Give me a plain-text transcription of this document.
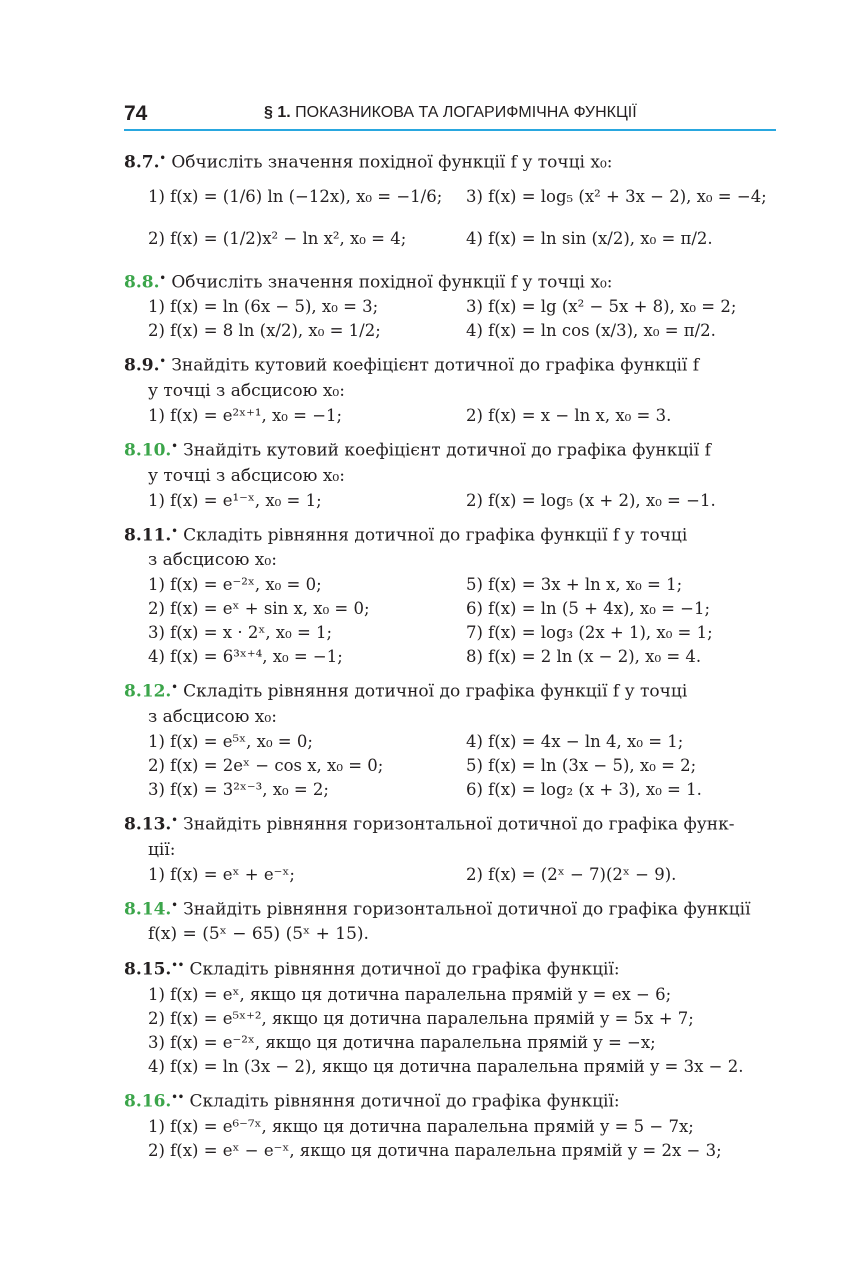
74	§ 1. ПОКАЗНИКОВА ТА ЛОГАРИФМІЧНА ФУНКЦІЇ
8.7.• Обчисліть значення похідної функції f у точці x₀:
1) f(x) = (1/6) ln (−12x), x₀ = −1/6;	3) f(x) = log₅ (x² + 3x − 2), x₀ = −4;
2) f(x) = (1/2)x² − ln x², x₀ = 4;	4) f(x) = ln sin (x/2), x₀ = π/2.
8.8.• Обчисліть значення похідної функції f у точці x₀:
1) f(x) = ln (6x − 5), x₀ = 3;	3) f(x) = lg (x² − 5x + 8), x₀ = 2;
2) f(x) = 8 ln (x/2), x₀ = 1/2;	4) f(x) = ln cos (x/3), x₀ = π/2.
8.9.• Знайдіть кутовий коефіцієнт дотичної до графіка функції f
у точці з абсцисою x₀:
1) f(x) = e²ˣ⁺¹, x₀ = −1;	2) f(x) = x − ln x, x₀ = 3.
8.10.• Знайдіть кутовий коефіцієнт дотичної до графіка функції f
у точці з абсцисою x₀:
1) f(x) = e¹⁻ˣ, x₀ = 1;	2) f(x) = log₅ (x + 2), x₀ = −1.
8.11.• Складіть рівняння дотичної до графіка функції f у точці
з абсцисою x₀:
1) f(x) = e⁻²ˣ, x₀ = 0;	5) f(x) = 3x + ln x, x₀ = 1;
2) f(x) = eˣ + sin x, x₀ = 0;	6) f(x) = ln (5 + 4x), x₀ = −1;
3) f(x) = x · 2ˣ, x₀ = 1;	7) f(x) = log₃ (2x + 1), x₀ = 1;
4) f(x) = 6³ˣ⁺⁴, x₀ = −1;	8) f(x) = 2 ln (x − 2), x₀ = 4.
8.12.• Складіть рівняння дотичної до графіка функції f у точці
з абсцисою x₀:
1) f(x) = e⁵ˣ, x₀ = 0;	4) f(x) = 4x − ln 4, x₀ = 1;
2) f(x) = 2eˣ − cos x, x₀ = 0;	5) f(x) = ln (3x − 5), x₀ = 2;
3) f(x) = 3²ˣ⁻³, x₀ = 2;	6) f(x) = log₂ (x + 3), x₀ = 1.
8.13.• Знайдіть рівняння горизонтальної дотичної до графіка функ-
ції:
1) f(x) = eˣ + e⁻ˣ;	2) f(x) = (2ˣ − 7)(2ˣ − 9).
8.14.• Знайдіть рівняння горизонтальної дотичної до графіка функції
f(x) = (5ˣ − 65) (5ˣ + 15).
8.15.•• Складіть рівняння дотичної до графіка функції:
1) f(x) = eˣ, якщо ця дотична паралельна прямій y = ex − 6;
2) f(x) = e⁵ˣ⁺², якщо ця дотична паралельна прямій y = 5x + 7;
3) f(x) = e⁻²ˣ, якщо ця дотична паралельна прямій y = −x;
4) f(x) = ln (3x − 2), якщо ця дотична паралельна прямій y = 3x − 2.
8.16.•• Складіть рівняння дотичної до графіка функції:
1) f(x) = e⁶⁻⁷ˣ, якщо ця дотична паралельна прямій y = 5 − 7x;
2) f(x) = eˣ − e⁻ˣ, якщо ця дотична паралельна прямій y = 2x − 3;
